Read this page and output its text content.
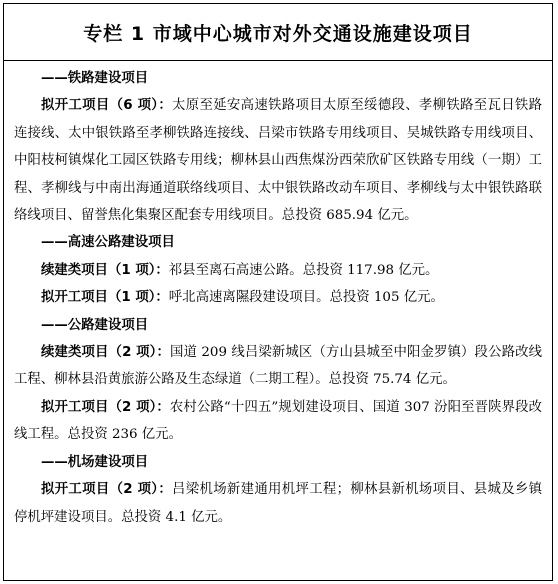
专栏 1 市域中心城市对外交通设施建设项目

——铁路建设项目

拟开工项目（6 项）：太原至延安高速铁路项目太原至绥德段、孝柳铁路至瓦日铁路连接线、太中银铁路至孝柳铁路连接线、吕梁市铁路专用线项目、吴城铁路专用线项目、中阳枝柯镇煤化工园区铁路专用线；柳林县山西焦煤汾西荣欣矿区铁路专用线（一期）工程、孝柳线与中南出海通道联络线项目、太中银铁路改动车项目、孝柳线与太中银铁路联络线项目、留誉焦化集聚区配套专用线项目。总投资 685.94 亿元。

——高速公路建设项目

续建类项目（1 项）：祁县至离石高速公路。总投资 117.98 亿元。

拟开工项目（1 项）：呼北高速离隰段建设项目。总投资 105 亿元。

——公路建设项目

续建类项目（2 项）：国道 209 线吕梁新城区（方山县城至中阳金罗镇）段公路改线工程、柳林县沿黄旅游公路及生态绿道（二期工程）。总投资 75.74 亿元。

拟开工项目（2 项）：农村公路“十四五”规划建设项目、国道 307 汾阳至晋陕界段改线工程。总投资 236 亿元。

——机场建设项目

拟开工项目（2 项）：吕梁机场新建通用机坪工程；柳林县新机场项目、县城及乡镇停机坪建设项目。总投资 4.1 亿元。
